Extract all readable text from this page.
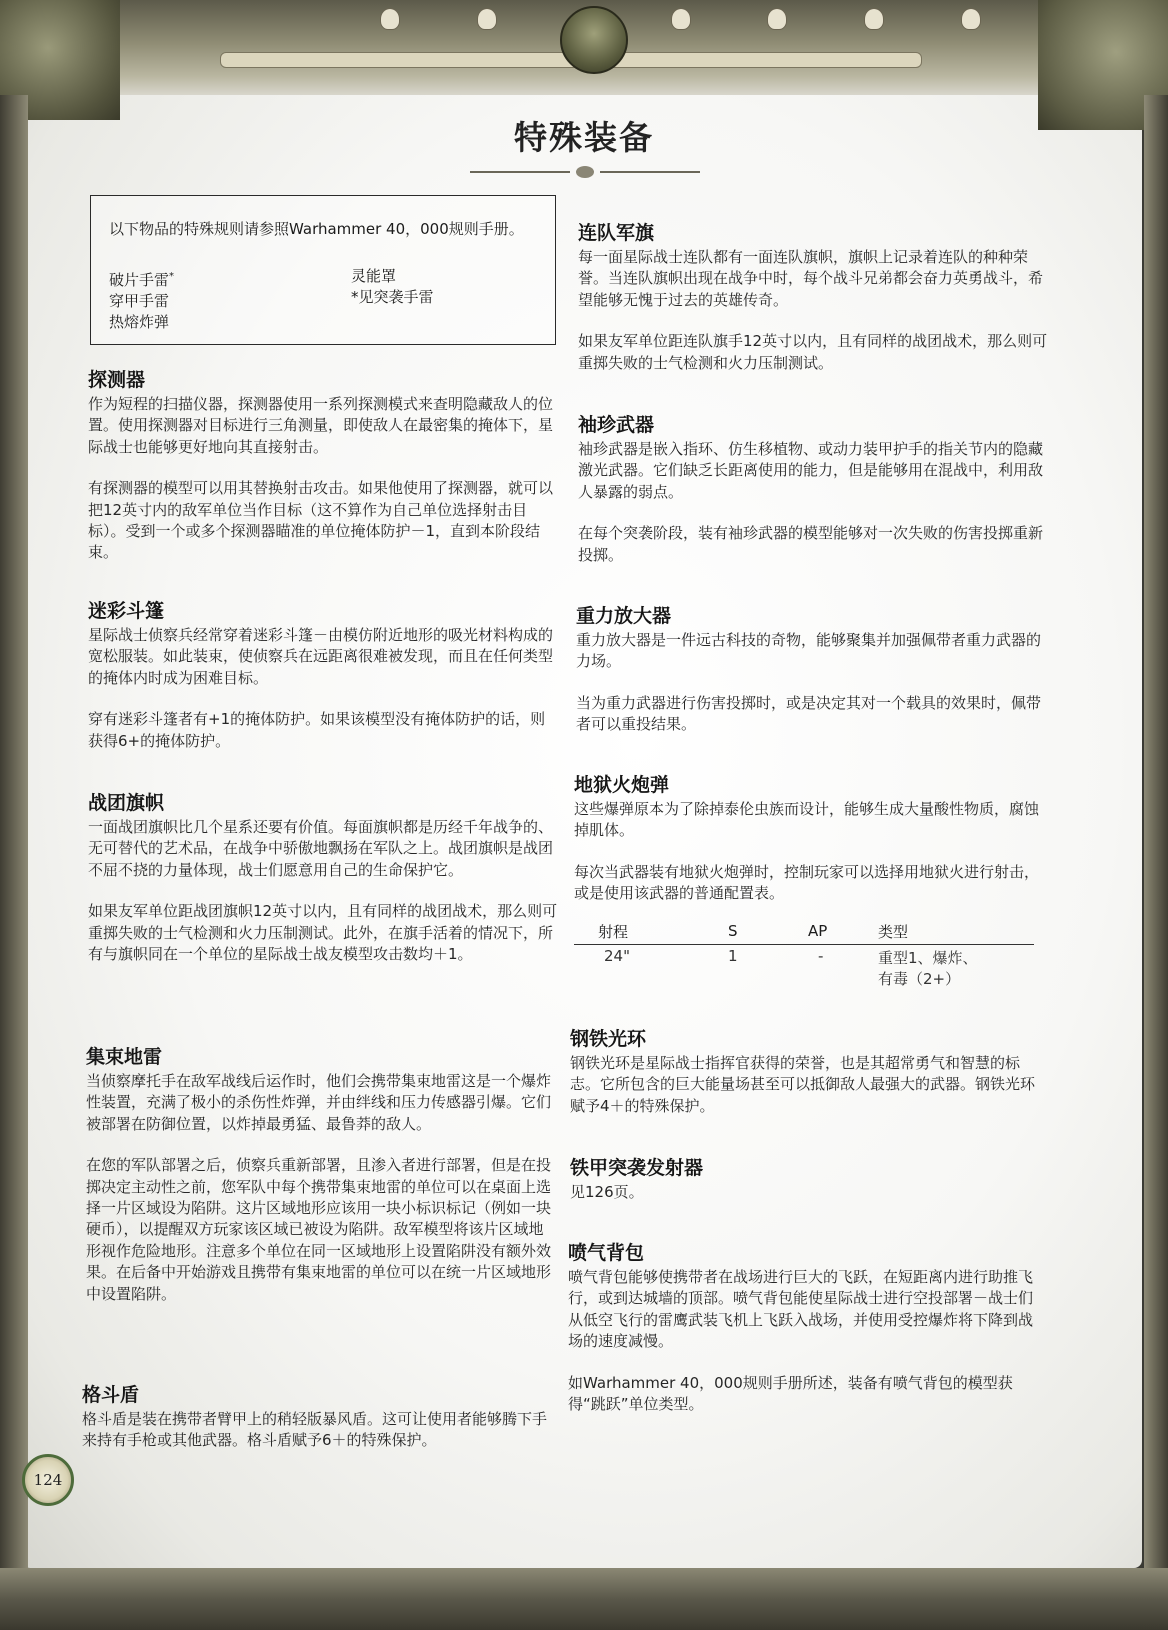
特殊装备
以下物品的特殊规则请参照Warhammer 40，000规则手册。
破片手雷*
穿甲手雷
热熔炸弹
灵能罩
*见突袭手雷
探测器

作为短程的扫描仪器，探测器使用一系列探测模式来查明隐藏敌人的位置。使用探测器对目标进行三角测量，即使敌人在最密集的掩体下，星际战士也能够更好地向其直接射击。

有探测器的模型可以用其替换射击攻击。如果他使用了探测器，就可以把12英寸内的敌军单位当作目标（这不算作为自己单位选择射击目标）。受到一个或多个探测器瞄准的单位掩体防护－1，直到本阶段结束。

迷彩斗篷

星际战士侦察兵经常穿着迷彩斗篷－由模仿附近地形的吸光材料构成的宽松服装。如此装束，使侦察兵在远距离很难被发现，而且在任何类型的掩体内时成为困难目标。

穿有迷彩斗篷者有+1的掩体防护。如果该模型没有掩体防护的话，则获得6+的掩体防护。

战团旗帜

一面战团旗帜比几个星系还要有价值。每面旗帜都是历经千年战争的、无可替代的艺术品，在战争中骄傲地飘扬在军队之上。战团旗帜是战团不屈不挠的力量体现，战士们愿意用自己的生命保护它。

如果友军单位距战团旗帜12英寸以内，且有同样的战团战术，那么则可重掷失败的士气检测和火力压制测试。此外，在旗手活着的情况下，所有与旗帜同在一个单位的星际战士战友模型攻击数均＋1。

集束地雷

当侦察摩托手在敌军战线后运作时，他们会携带集束地雷这是一个爆炸性装置，充满了极小的杀伤性炸弹，并由绊线和压力传感器引爆。它们被部署在防御位置，以炸掉最勇猛、最鲁莽的敌人。

在您的军队部署之后，侦察兵重新部署，且渗入者进行部署，但是在投掷决定主动性之前，您军队中每个携带集束地雷的单位可以在桌面上选择一片区域设为陷阱。这片区域地形应该用一块小标识标记（例如一块硬币），以提醒双方玩家该区域已被设为陷阱。敌军模型将该片区域地形视作危险地形。注意多个单位在同一区域地形上设置陷阱没有额外效果。在后备中开始游戏且携带有集束地雷的单位可以在统一片区域地形中设置陷阱。

格斗盾

格斗盾是装在携带者臂甲上的稍轻版暴风盾。这可让使用者能够腾下手来持有手枪或其他武器。格斗盾赋予6＋的特殊保护。

连队军旗

每一面星际战士连队都有一面连队旗帜，旗帜上记录着连队的种种荣誉。当连队旗帜出现在战争中时，每个战斗兄弟都会奋力英勇战斗，希望能够无愧于过去的英雄传奇。

如果友军单位距连队旗手12英寸以内，且有同样的战团战术，那么则可重掷失败的士气检测和火力压制测试。

袖珍武器

袖珍武器是嵌入指环、仿生移植物、或动力装甲护手的指关节内的隐藏激光武器。它们缺乏长距离使用的能力，但是能够用在混战中，利用敌人暴露的弱点。

在每个突袭阶段，装有袖珍武器的模型能够对一次失败的伤害投掷重新投掷。

重力放大器

重力放大器是一件远古科技的奇物，能够聚集并加强佩带者重力武器的力场。

当为重力武器进行伤害投掷时，或是决定其对一个载具的效果时，佩带者可以重投结果。

地狱火炮弹

这些爆弹原本为了除掉泰伦虫族而设计，能够生成大量酸性物质，腐蚀掉肌体。

每次当武器装有地狱火炮弹时，控制玩家可以选择用地狱火进行射击，或是使用该武器的普通配置表。

射程	S	AP	类型
24"	1	-	重型1、爆炸、
有毒（2+）
钢铁光环

钢铁光环是星际战士指挥官获得的荣誉，也是其超常勇气和智慧的标志。它所包含的巨大能量场甚至可以抵御敌人最强大的武器。钢铁光环赋予4＋的特殊保护。

铁甲突袭发射器

见126页。

喷气背包

喷气背包能够使携带者在战场进行巨大的飞跃，在短距离内进行助推飞行，或到达城墙的顶部。喷气背包能使星际战士进行空投部署－战士们从低空飞行的雷鹰武装飞机上飞跃入战场，并使用受控爆炸将下降到战场的速度减慢。

如Warhammer 40，000规则手册所述，装备有喷气背包的模型获得“跳跃”单位类型。

124
